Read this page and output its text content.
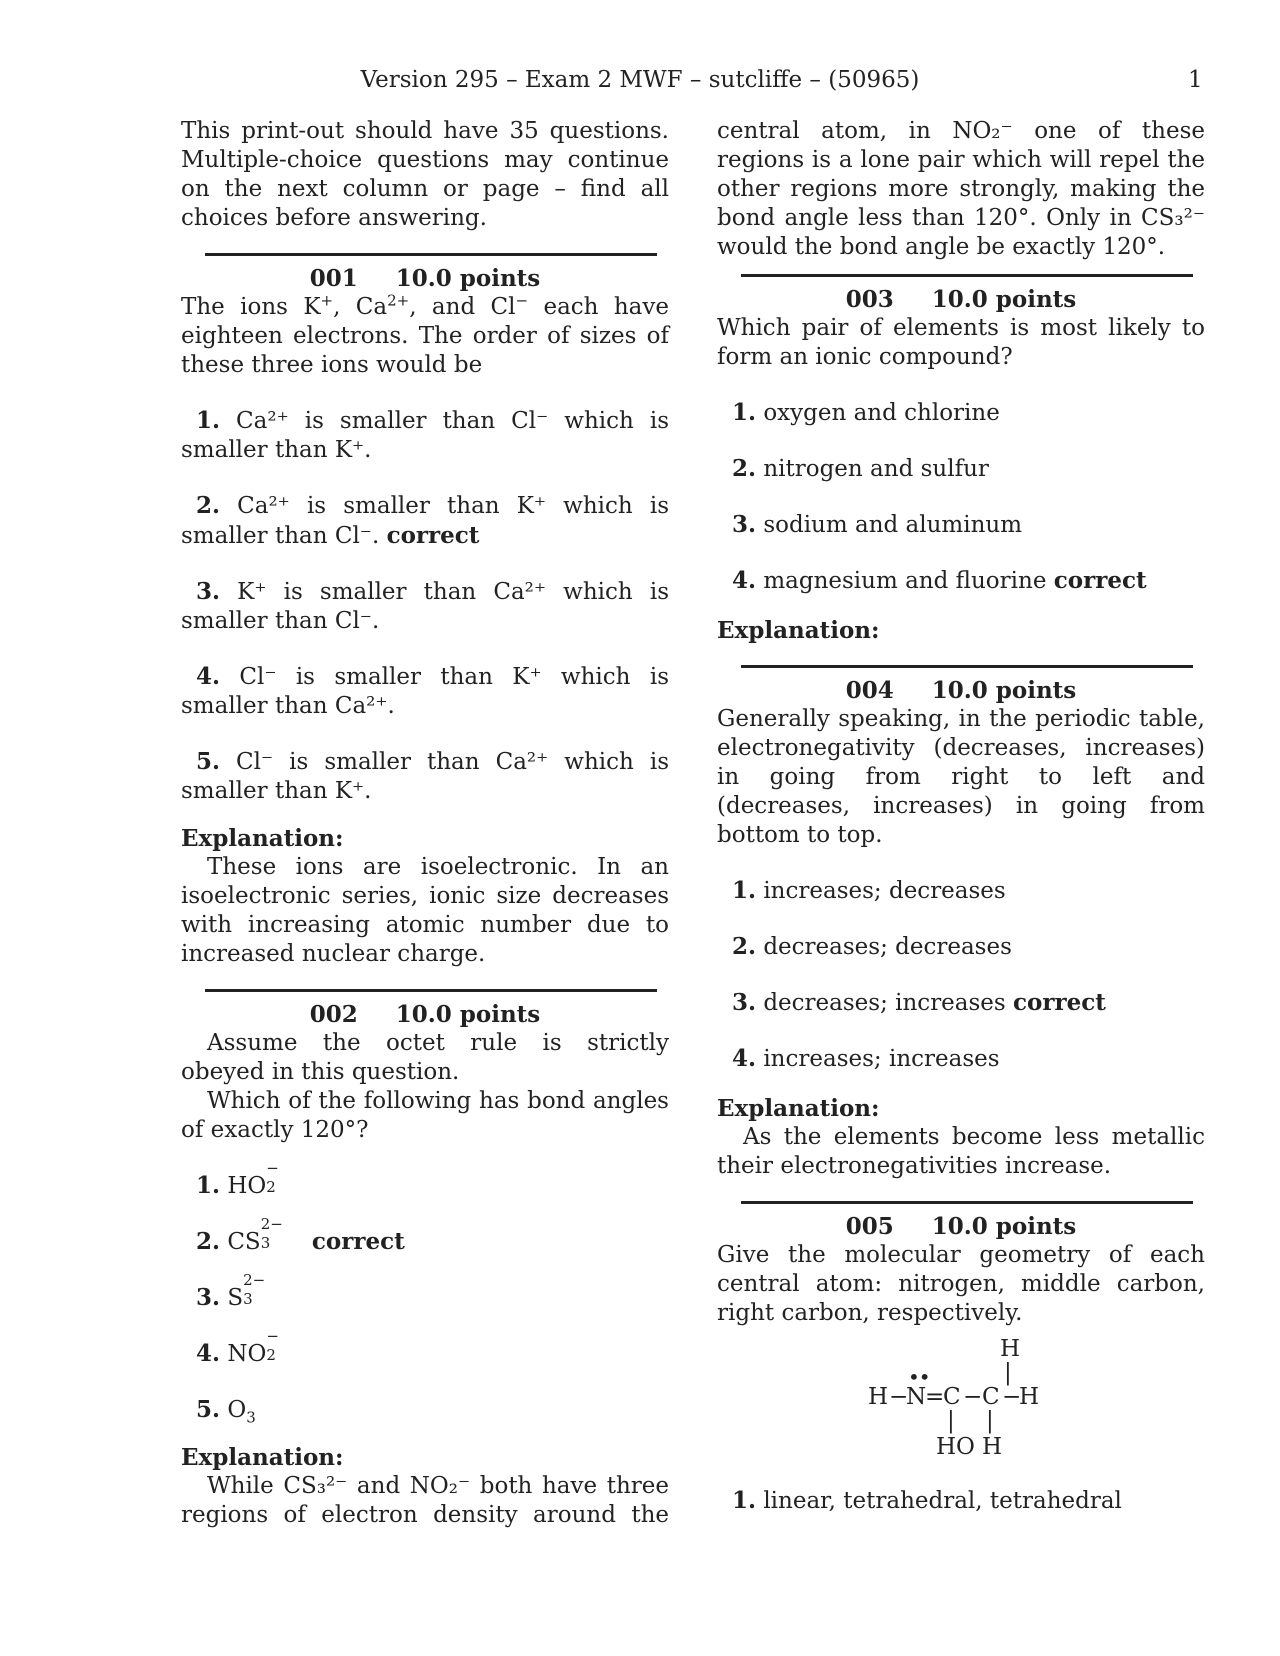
Version 295 – Exam 2 MWF – sutcliffe – (50965)	1

This print-out should have 35 questions. Multiple-choice questions may continue on the next column or page – find all choices before answering.

001 10.0 points

The ions K+, $Ca^{2+}$, and Cl− each have eighteen electrons. The order of sizes of these three ions would be

1. Ca²⁺ is smaller than Cl⁻ which is smaller than K⁺.

2. Ca²⁺ is smaller than K⁺ which is smaller than Cl⁻. correct

3. K⁺ is smaller than Ca²⁺ which is smaller than Cl⁻.

4. Cl⁻ is smaller than K⁺ which is smaller than Ca²⁺.

5. Cl⁻ is smaller than Ca²⁺ which is smaller than K⁺.

Explanation:

These ions are isoelectronic. In an isoelectronic series, ionic size decreases with increasing atomic number due to increased nuclear charge.

002 10.0 points

Assume the octet rule is strictly obeyed in this question.

Which of the following has bond angles of exactly 120°?

1. HO
−
2

2. CS
2−
3 correct

3. S
2−
3

4. NO
−
2

5. $O_3$

Explanation:

While CS₃²⁻ and NO₂⁻ both have three regions of electron density around the

central atom, in NO₂⁻ one of these regions is a lone pair which will repel the other regions more strongly, making the bond angle less than 120°. Only in CS₃²⁻ would the bond angle be exactly 120°.

003 10.0 points

Which pair of elements is most likely to form an ionic compound?

1. oxygen and chlorine

2. nitrogen and sulfur

3. sodium and aluminum

4. magnesium and fluorine correct

Explanation:

004 10.0 points

Generally speaking, in the periodic table, electronegativity (decreases, increases) in going from right to left and (decreases, increases) in going from bottom to top.

1. increases; decreases

2. decreases; decreases

3. decreases; increases correct

4. increases; increases

Explanation:

As the elements become less metallic their electronegativities increase.

005 10.0 points

Give the molecular geometry of each central atom: nitrogen, middle carbon, right carbon, respectively.

H
|
••
H −
N
=
C − C −
H
| |
HO H

1. linear, tetrahedral, tetrahedral
